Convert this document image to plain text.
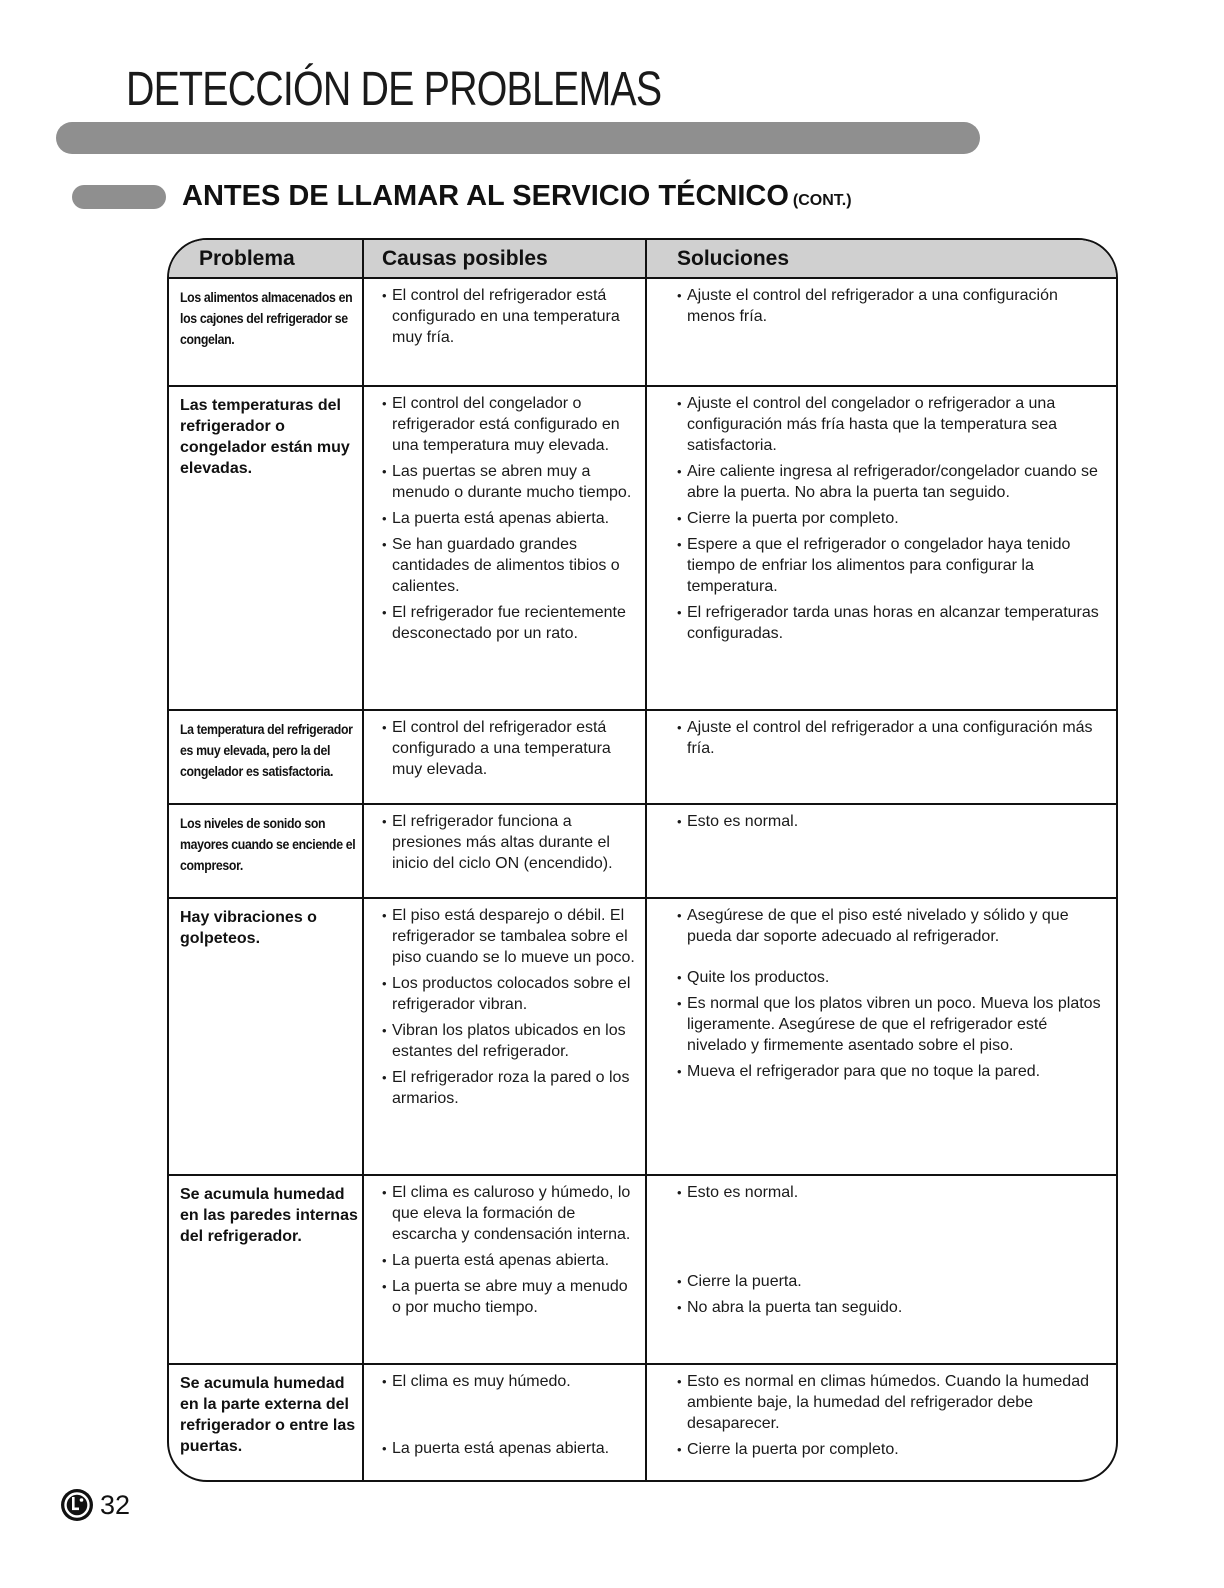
DETECCIÓN DE PROBLEMAS
ANTES DE LLAMAR AL SERVICIO TÉCNICO (CONT.)
Problema	Causas posibles	Soluciones
Los alimentos almacenados en los cajones del refrigerador se congelan.
• El control del refrigerador está configurado en una temperatura muy fría.
• Ajuste el control del refrigerador a una configuración menos fría.
Las temperaturas del refrigerador o congelador están muy elevadas.
• El control del congelador o refrigerador está configurado en una temperatura muy elevada.
• Las puertas se abren muy a menudo o durante mucho tiempo.
• La puerta está apenas abierta.
• Se han guardado grandes cantidades de alimentos tibios o calientes.
• El refrigerador fue recientemente desconectado por un rato.
• Ajuste el control del congelador o refrigerador a una configuración más fría hasta que la temperatura sea satisfactoria.
• Aire caliente ingresa al refrigerador/congelador cuando se abre la puerta. No abra la puerta tan seguido.
• Cierre la puerta por completo.
• Espere a que el refrigerador o congelador haya tenido tiempo de enfriar los alimentos para configurar la temperatura.
• El refrigerador tarda unas horas en alcanzar temperaturas configuradas.
La temperatura del refrigerador es muy elevada, pero la del congelador es satisfactoria.
• El control del refrigerador está configurado a una temperatura muy elevada.
• Ajuste el control del refrigerador a una configuración más fría.
Los niveles de sonido son mayores cuando se enciende el compresor.
• El refrigerador funciona a presiones más altas durante el inicio del ciclo ON (encendido).
• Esto es normal.
Hay vibraciones o golpeteos.
• El piso está desparejo o débil. El refrigerador se tambalea sobre el piso cuando se lo mueve un poco.
• Los productos colocados sobre el refrigerador vibran.
• Vibran los platos ubicados en los estantes del refrigerador.
• El refrigerador roza la pared o los armarios.
• Asegúrese de que el piso esté nivelado y sólido y que pueda dar soporte adecuado al refrigerador.
• Quite los productos.
• Es normal que los platos vibren un poco. Mueva los platos ligeramente. Asegúrese de que el refrigerador esté nivelado y firmemente asentado sobre el piso.
• Mueva el refrigerador para que no toque la pared.
Se acumula humedad en las paredes internas del refrigerador.
• El clima es caluroso y húmedo, lo que eleva la formación de escarcha y condensación interna.
• La puerta está apenas abierta.
• La puerta se abre muy a menudo o por mucho tiempo.
• Esto es normal.
• Cierre la puerta.
• No abra la puerta tan seguido.
Se acumula humedad en la parte externa del refrigerador o entre las puertas.
• El clima es muy húmedo.
• La puerta está apenas abierta.
• Esto es normal en climas húmedos. Cuando la humedad ambiente baje, la humedad del refrigerador debe desaparecer.
• Cierre la puerta por completo.
32
